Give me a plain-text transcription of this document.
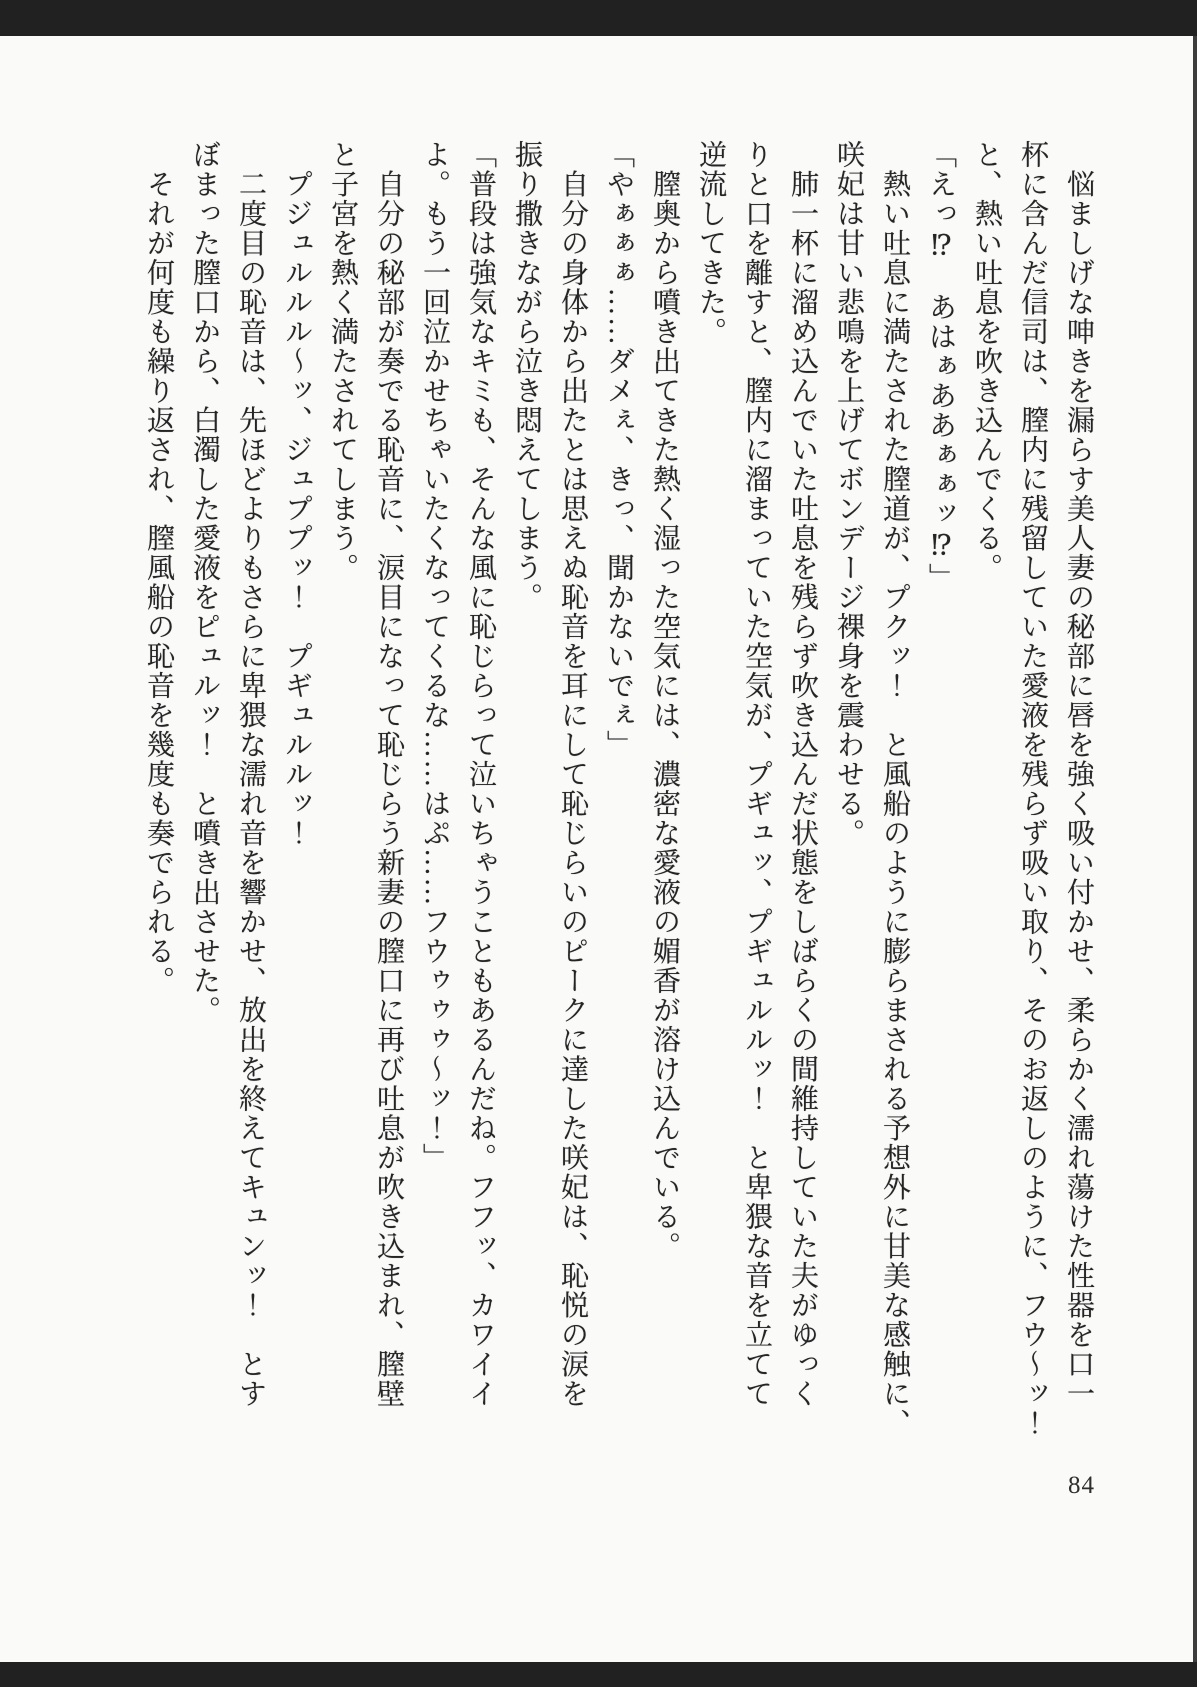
　悩ましげな呻きを漏らす美人妻の秘部に唇を強く吸い付かせ、柔らかく濡れ蕩けた性器を口一

杯に含んだ信司は、膣内に残留していた愛液を残らず吸い取り、そのお返しのように、フウ〜ッ！

と、熱い吐息を吹き込んでくる。

「えっ⁉　あはぁああぁぁッ⁉」

　熱い吐息に満たされた膣道が、プクッ！　と風船のように膨らまされる予想外に甘美な感触に、

咲妃は甘い悲鳴を上げてボンデージ裸身を震わせる。

　肺一杯に溜め込んでいた吐息を残らず吹き込んだ状態をしばらくの間維持していた夫がゆっく

りと口を離すと、膣内に溜まっていた空気が、プギュッ、プギュルルッ！　と卑猥な音を立てて

逆流してきた。

　膣奥から噴き出てきた熱く湿った空気には、濃密な愛液の媚香が溶け込んでいる。

「やぁぁぁ……ダメぇ、きっ、聞かないでぇ」

　自分の身体から出たとは思えぬ恥音を耳にして恥じらいのピークに達した咲妃は、恥悦の涙を

振り撒きながら泣き悶えてしまう。

「普段は強気なキミも、そんな風に恥じらって泣いちゃうこともあるんだね。フフッ、カワイイ

よ。もう一回泣かせちゃいたくなってくるな……はぷ……フウゥゥゥ〜ッ！」

　自分の秘部が奏でる恥音に、涙目になって恥じらう新妻の膣口に再び吐息が吹き込まれ、膣壁

と子宮を熱く満たされてしまう。

　プジュルルル〜ッ、ジュププッ！　プギュルルッ！

　二度目の恥音は、先ほどよりもさらに卑猥な濡れ音を響かせ、放出を終えてキュンッ！　とす

ぼまった膣口から、白濁した愛液をピュルッ！　と噴き出させた。

　それが何度も繰り返され、膣風船の恥音を幾度も奏でられる。

84
